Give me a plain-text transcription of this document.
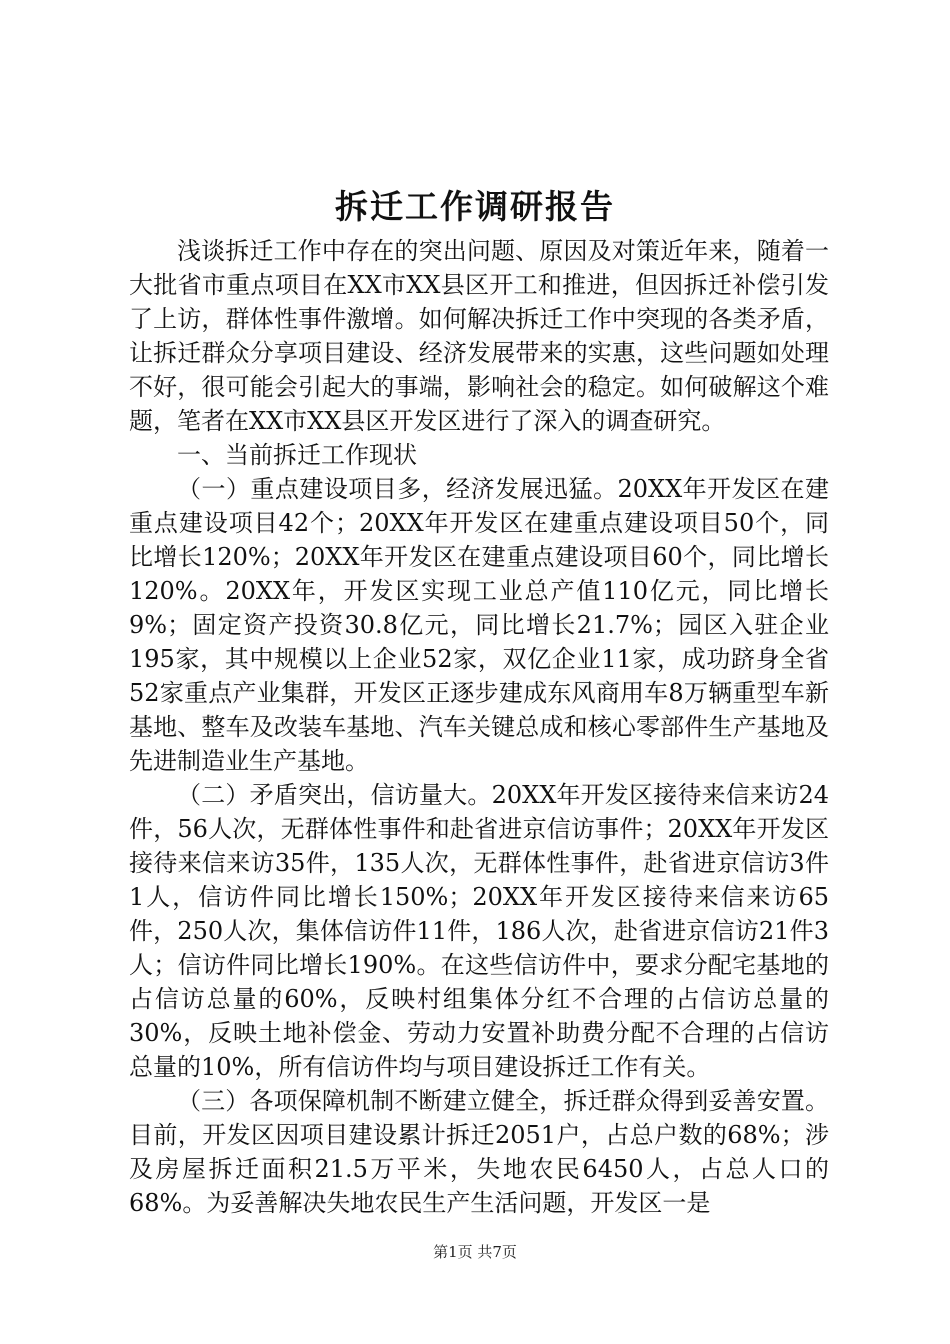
拆迁工作调研报告

浅谈拆迁工作中存在的突出问题、原因及对策近年来，随着一大批省市重点项目在XX市XX县区开工和推进，但因拆迁补偿引发了上访，群体性事件激增。如何解决拆迁工作中突现的各类矛盾，让拆迁群众分享项目建设、经济发展带来的实惠，这些问题如处理不好，很可能会引起大的事端，影响社会的稳定。如何破解这个难题，笔者在XX市XX县区开发区进行了深入的调查研究。

一、当前拆迁工作现状

（一）重点建设项目多，经济发展迅猛。20XX年开发区在建重点建设项目42个；20XX年开发区在建重点建设项目50个，同比增长120%；20XX年开发区在建重点建设项目60个，同比增长120%。20XX年，开发区实现工业总产值110亿元，同比增长9%；固定资产投资30.8亿元，同比增长21.7%；园区入驻企业195家，其中规模以上企业52家，双亿企业11家，成功跻身全省52家重点产业集群，开发区正逐步建成东风商用车8万辆重型车新基地、整车及改装车基地、汽车关键总成和核心零部件生产基地及先进制造业生产基地。

（二）矛盾突出，信访量大。20XX年开发区接待来信来访24件，56人次，无群体性事件和赴省进京信访事件；20XX年开发区接待来信来访35件，135人次，无群体性事件，赴省进京信访3件1人，信访件同比增长150%；20XX年开发区接待来信来访65件，250人次，集体信访件11件，186人次，赴省进京信访21件3人；信访件同比增长190%。在这些信访件中，要求分配宅基地的占信访总量的60%，反映村组集体分红不合理的占信访总量的30%，反映土地补偿金、劳动力安置补助费分配不合理的占信访总量的10%，所有信访件均与项目建设拆迁工作有关。

（三）各项保障机制不断建立健全，拆迁群众得到妥善安置。目前，开发区因项目建设累计拆迁2051户，占总户数的68%；涉及房屋拆迁面积21.5万平米，失地农民6450人，占总人口的68%。为妥善解决失地农民生产生活问题，开发区一是

第1页 共7页
